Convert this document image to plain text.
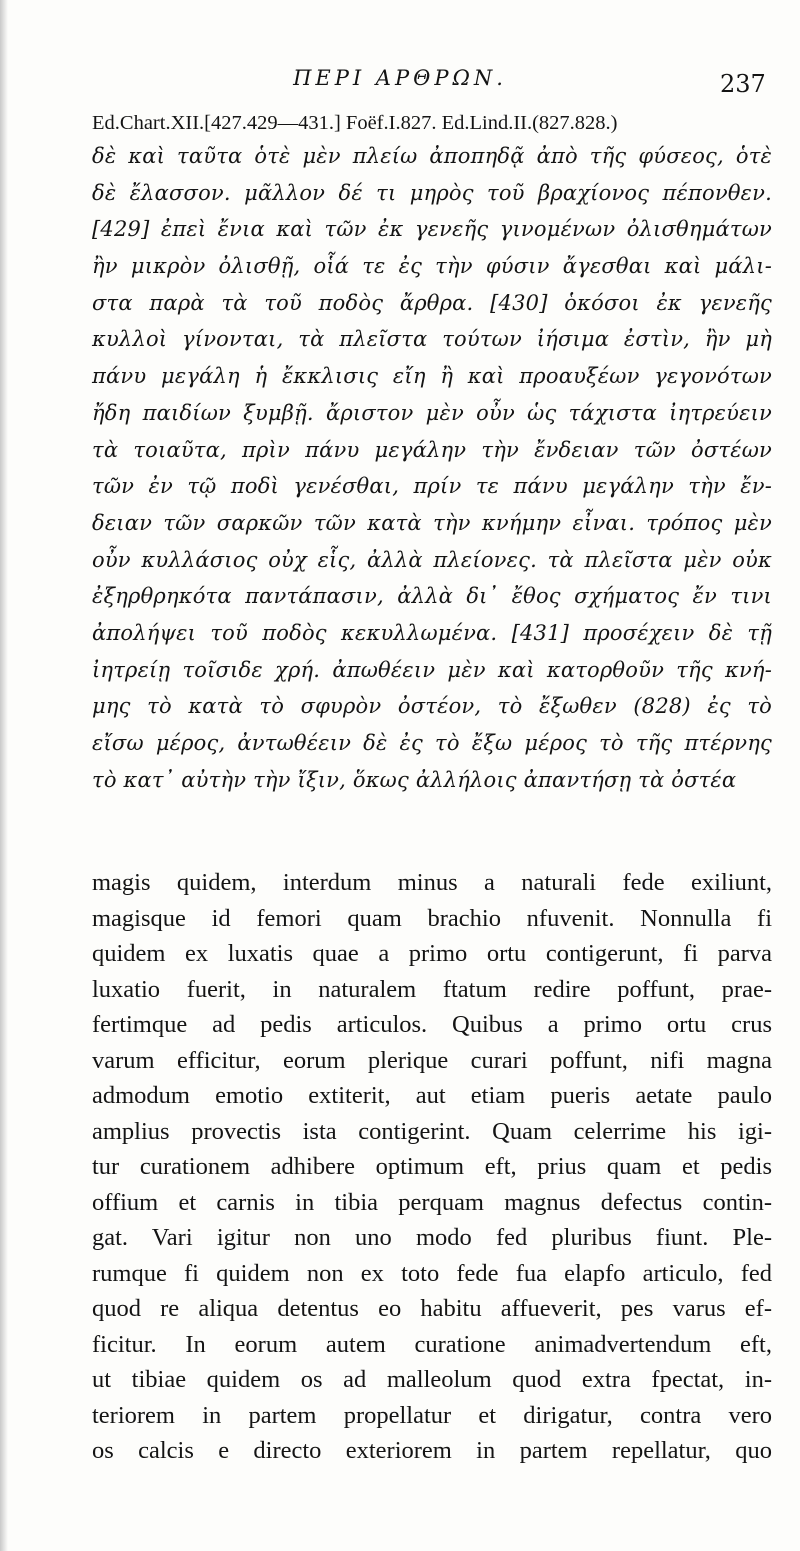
ΠΕΡΙ ΑΡΘΡΩΝ.	237
Ed.Chart.XII.[427.429—431.] Foëf.I.827. Ed.Lind.II.(827.828.)
δὲ καὶ ταῦτα ὁτὲ μὲν πλείω ἀποπηδᾷ ἀπὸ τῆς φύσεος, ὁτὲ
δὲ ἔλασσον. μᾶλλον δέ τι μηρὸς τοῦ βραχίονος πέπονθεν.
[429] ἐπεὶ ἔνια καὶ τῶν ἐκ γενεῆς γινομένων ὀλισθημάτων
ἢν μικρὸν ὀλισθῇ, οἷά τε ἐς τὴν φύσιν ἄγεσθαι καὶ μάλι-
στα παρὰ τὰ τοῦ ποδὸς ἄρθρα. [430] ὁκόσοι ἐκ γενεῆς
κυλλοὶ γίνονται, τὰ πλεῖστα τούτων ἰήσιμα ἐστὶν, ἢν μὴ
πάνυ μεγάλη ἡ ἔκκλισις εἴη ἢ καὶ προαυξέων γεγονότων
ἤδη παιδίων ξυμβῇ. ἄριστον μὲν οὖν ὡς τάχιστα ἰητρεύειν
τὰ τοιαῦτα, πρὶν πάνυ μεγάλην τὴν ἔνδειαν τῶν ὀστέων
τῶν ἐν τῷ ποδὶ γενέσθαι, πρίν τε πάνυ μεγάλην τὴν ἔν-
δειαν τῶν σαρκῶν τῶν κατὰ τὴν κνήμην εἶναι. τρόπος μὲν
οὖν κυλλάσιος οὐχ εἷς, ἀλλὰ πλείονες. τὰ πλεῖστα μὲν οὐκ
ἐξηρθρηκότα παντάπασιν, ἀλλὰ δι᾽ ἔθος σχήματος ἔν τινι
ἀπολήψει τοῦ ποδὸς κεκυλλωμένα. [431] προσέχειν δὲ τῇ
ἰητρείῃ τοῖσιδε χρή. ἀπωθέειν μὲν καὶ κατορθοῦν τῆς κνή-
μης τὸ κατὰ τὸ σφυρὸν ὀστέον, τὸ ἔξωθεν (828) ἐς τὸ
εἴσω μέρος, ἀντωθέειν δὲ ἐς τὸ ἔξω μέρος τὸ τῆς πτέρνης
τὸ κατ᾽ αὐτὴν τὴν ἴξιν, ὅκως ἀλλήλοις ἀπαντήσῃ τὰ ὀστέα
magis quidem, interdum minus a naturali fede exiliunt,
magisque id femori quam brachio nfuvenit. Nonnulla fi
quidem ex luxatis quae a primo ortu contigerunt, fi parva
luxatio fuerit, in naturalem ftatum redire poffunt, prae-
fertimque ad pedis articulos. Quibus a primo ortu crus
varum efficitur, eorum plerique curari poffunt, nifi magna
admodum emotio extiterit, aut etiam pueris aetate paulo
amplius provectis ista contigerint. Quam celerrime his igi-
tur curationem adhibere optimum eft, prius quam et pedis
offium et carnis in tibia perquam magnus defectus contin-
gat. Vari igitur non uno modo fed pluribus fiunt. Ple-
rumque fi quidem non ex toto fede fua elapfo articulo, fed
quod re aliqua detentus eo habitu affueverit, pes varus ef-
ficitur. In eorum autem curatione animadvertendum eft,
ut tibiae quidem os ad malleolum quod extra fpectat, in-
teriorem in partem propellatur et dirigatur, contra vero
os calcis e directo exteriorem in partem repellatur, quo
